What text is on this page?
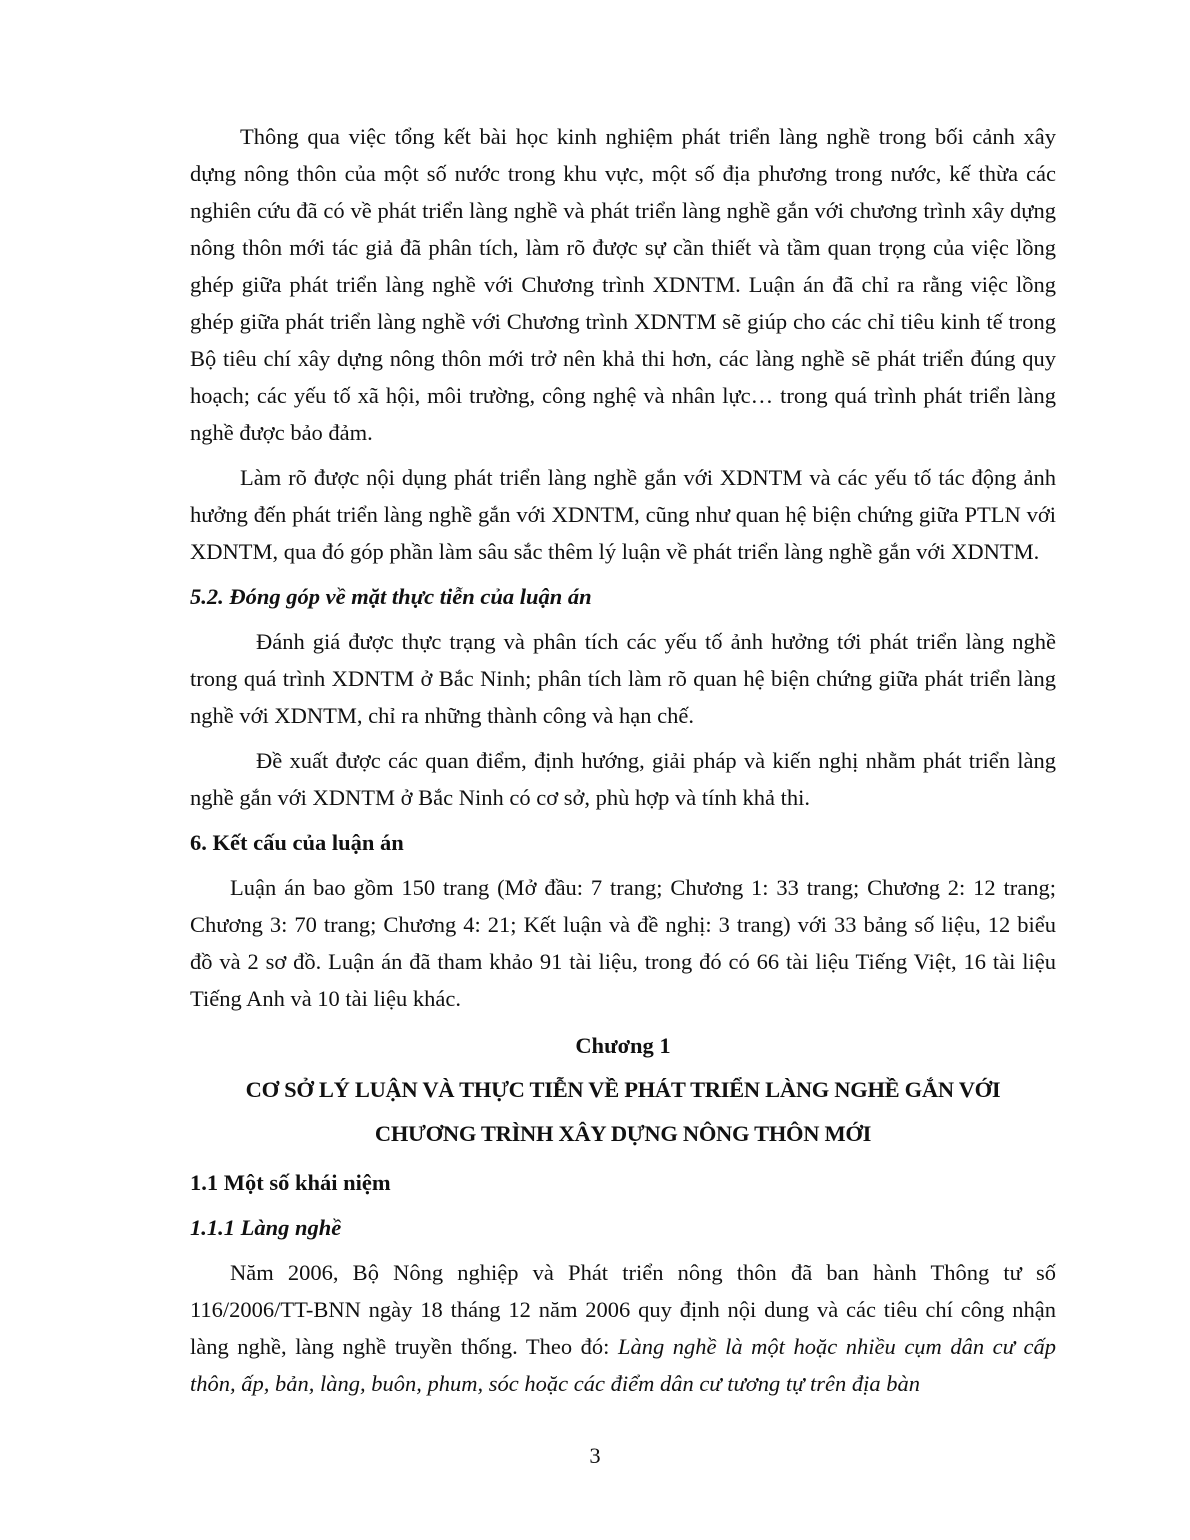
Thông qua việc tổng kết bài học kinh nghiệm phát triển làng nghề trong bối cảnh xây dựng nông thôn của một số nước trong khu vực, một số địa phương trong nước, kế thừa các nghiên cứu đã có về phát triển làng nghề và phát triển làng nghề gắn với chương trình xây dựng nông thôn mới tác giả đã phân tích, làm rõ được sự cần thiết và tầm quan trọng của việc lồng ghép giữa phát triển làng nghề với Chương trình XDNTM. Luận án đã chỉ ra rằng việc lồng ghép giữa phát triển làng nghề với Chương trình XDNTM sẽ giúp cho các chỉ tiêu kinh tế trong Bộ tiêu chí xây dựng nông thôn mới trở nên khả thi hơn, các làng nghề sẽ phát triển đúng quy hoạch; các yếu tố xã hội, môi trường, công nghệ và nhân lực… trong quá trình phát triển làng nghề được bảo đảm.

Làm rõ được nội dụng phát triển làng nghề gắn với XDNTM và các yếu tố tác động ảnh hưởng đến phát triển làng nghề gắn với XDNTM, cũng như quan hệ biện chứng giữa PTLN với XDNTM, qua đó góp phần làm sâu sắc thêm lý luận về phát triển làng nghề gắn với XDNTM.

5.2. Đóng góp về mặt thực tiễn của luận án

Đánh giá được thực trạng và phân tích các yếu tố ảnh hưởng tới phát triển làng nghề trong quá trình XDNTM ở Bắc Ninh; phân tích làm rõ quan hệ biện chứng giữa phát triển làng nghề với XDNTM, chỉ ra những thành công và hạn chế.

Đề xuất được các quan điểm, định hướng, giải pháp và kiến nghị nhằm phát triển làng nghề gắn với XDNTM ở Bắc Ninh có cơ sở, phù hợp và tính khả thi.

6. Kết cấu của luận án

Luận án bao gồm 150 trang (Mở đầu: 7 trang; Chương 1: 33 trang; Chương 2: 12 trang; Chương 3: 70 trang; Chương 4: 21; Kết luận và đề nghị: 3 trang) với 33 bảng số liệu, 12 biểu đồ và 2 sơ đồ. Luận án đã tham khảo 91 tài liệu, trong đó có 66 tài liệu Tiếng Việt, 16 tài liệu Tiếng Anh và 10 tài liệu khác.

Chương 1
CƠ SỞ LÝ LUẬN VÀ THỰC TIỄN VỀ PHÁT TRIỂN LÀNG NGHỀ GẮN VỚI
CHƯƠNG TRÌNH XÂY DỰNG NÔNG THÔN MỚI
1.1 Một số khái niệm
1.1.1 Làng nghề

Năm 2006, Bộ Nông nghiệp và Phát triển nông thôn đã ban hành Thông tư số 116/2006/TT-BNN ngày 18 tháng 12 năm 2006 quy định nội dung và các tiêu chí công nhận làng nghề, làng nghề truyền thống. Theo đó: Làng nghề là một hoặc nhiều cụm dân cư cấp thôn, ấp, bản, làng, buôn, phum, sóc hoặc các điểm dân cư tương tự trên địa bàn

3
